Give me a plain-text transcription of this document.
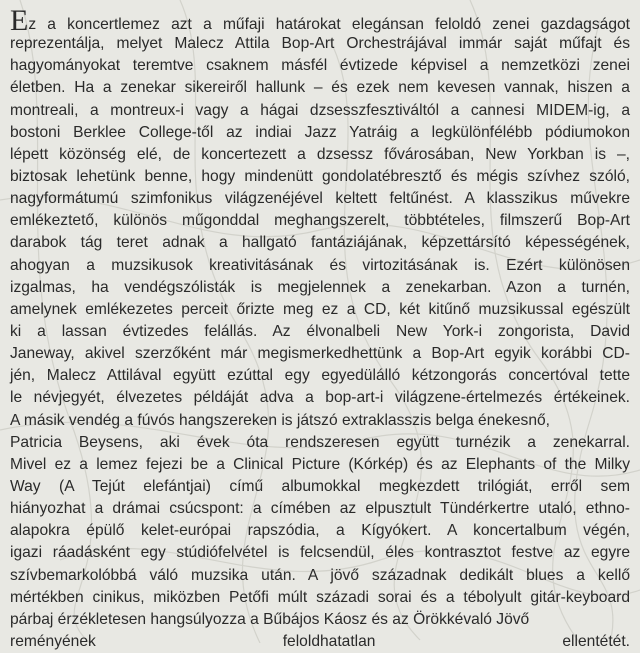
Ez a koncertlemez azt a műfaji határokat elegánsan feloldó zenei gazdagságot
reprezentálja, melyet Malecz Attila Bop-Art Orchestrájával immár saját műfajt és
hagyományokat teremtve csaknem másfél évtizede képvisel a nemzetközi zenei
életben. Ha a zenekar sikereiről hallunk – és ezek nem kevesen vannak, hiszen a
montreali, a montreux-i vagy a hágai dzsesszfesztiváltól a cannesi MIDEM-ig, a
bostoni Berklee College-től az indiai Jazz Yatráig a legkülönfélébb pódiumokon
lépett közönség elé, de koncertezett a dzsessz fővárosában, New Yorkban is –,
biztosak lehetünk benne, hogy mindenütt gondolatébresztő és mégis szívhez szóló,
nagyformátumú szimfonikus világzenéjével keltett feltűnést. A klasszikus művekre
emlékeztető, különös műgonddal meghangszerelt, többtételes, filmszerű Bop-Art
darabok tág teret adnak a hallgató fantáziájának, képzettársító képességének,
ahogyan a muzsikusok kreativitásának és virtozitásának is. Ezért különösen
izgalmas, ha vendégszólisták is megjelennek a zenekarban. Azon a turnén,
amelynek emlékezetes perceit őrizte meg ez a CD, két kitűnő muzsikussal egészült
ki a lassan évtizedes felállás. Az élvonalbeli New York-i zongorista, David
Janeway, akivel szerzőként már megismerkedhettünk a Bop-Art egyik korábbi CD-
jén, Malecz Attilával együtt ezúttal egy egyedülálló kétzongorás concertóval tette
le névjegyét, élvezetes példáját adva a bop-art-i világzene-értelmezés értékeinek.
A másik vendég a fúvós hangszereken is játszó extraklasszis belga énekesnő,
Patricia Beysens, aki évek óta rendszeresen együtt turnézik a zenekarral.
Mivel ez a lemez fejezi be a Clinical Picture (Kórkép) és az Elephants of the Milky
Way (A Tejút elefántjai) című albumokkal megkezdett trilógiát, erről sem
hiányozhat a drámai csúcspont: a címében az elpusztult Tündérkertre utaló, ethno-
alapokra épülő kelet-európai rapszódia, a Kígyókert. A koncertalbum végén,
igazi ráadásként egy stúdiófelvétel is felcsendül, éles kontrasztot festve az egyre
szívbemarkolóbbá váló muzsika után. A jövő századnak dedikált blues a kellő
mértékben cinikus, miközben Petőfi múlt századi sorai és a tébolyult gitár-keyboard
párbaj érzékletesen hangsúlyozza a Bűbájos Káosz és az Örökkévaló Jövő
reményének feloldhatatlan ellentétét.
